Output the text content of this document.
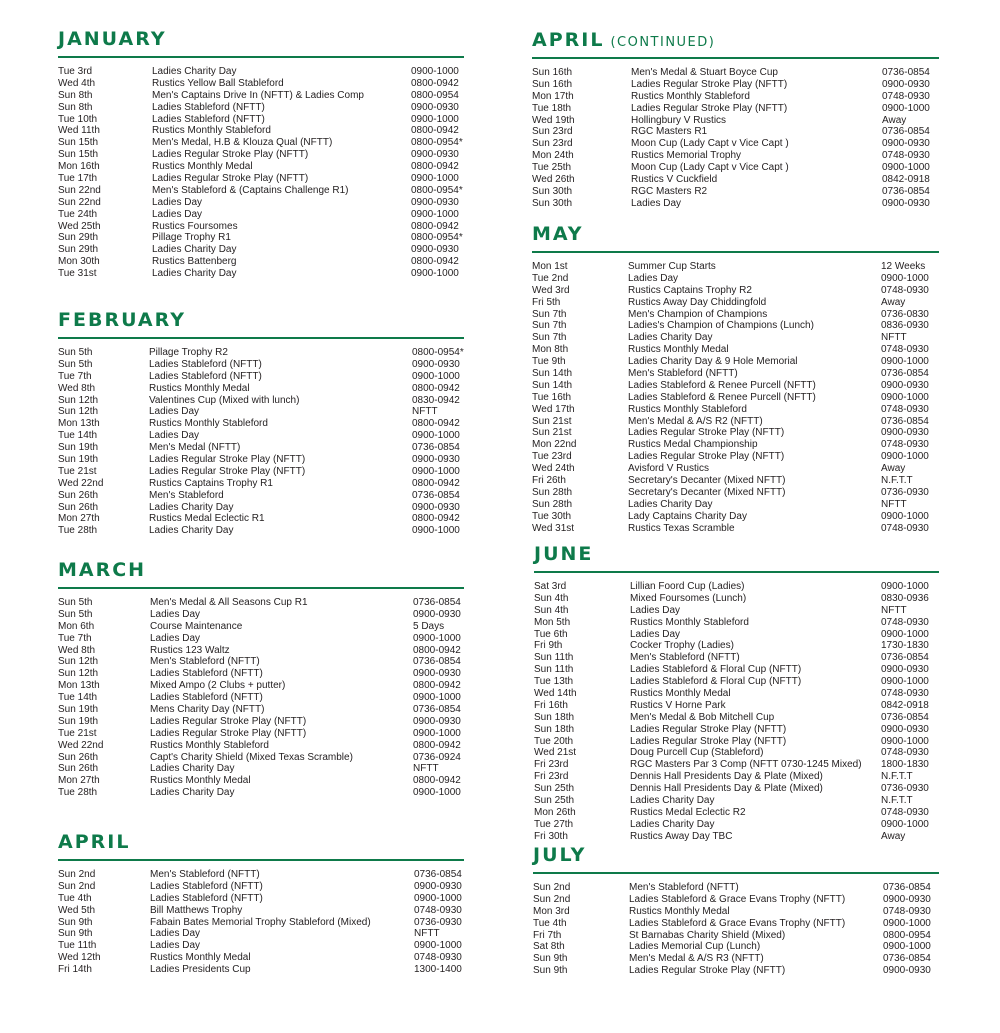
JANUARY
Tue 3rd	Ladies Charity Day	0900-1000
Wed 4th	Rustics Yellow Ball Stableford	0800-0942
Sun 8th	Men's Captains Drive In (NFTT) & Ladies Comp	0800-0954
Sun 8th	Ladies Stableford (NFTT)	0900-0930
Tue 10th	Ladies Stableford (NFTT)	0900-1000
Wed 11th	Rustics Monthly Stableford	0800-0942
Sun 15th	Men's Medal, H.B & Klouza Qual (NFTT)	0800-0954*
Sun 15th	Ladies Regular Stroke Play (NFTT)	0900-0930
Mon 16th	Rustics Monthly Medal	0800-0942
Tue 17th	Ladies Regular Stroke Play (NFTT)	0900-1000
Sun 22nd	Men's Stableford & (Captains Challenge R1)	0800-0954*
Sun 22nd	Ladies Day	0900-0930
Tue 24th	Ladies Day	0900-1000
Wed 25th	Rustics Foursomes	0800-0942
Sun 29th	Pillage Trophy R1	0800-0954*
Sun 29th	Ladies Charity Day	0900-0930
Mon 30th	Rustics Battenberg	0800-0942
Tue 31st	Ladies Charity Day	0900-1000
FEBRUARY
Sun 5th	Pillage Trophy R2	0800-0954*
Sun 5th	Ladies Stableford (NFTT)	0900-0930
Tue 7th	Ladies Stableford (NFTT)	0900-1000
Wed 8th	Rustics Monthly Medal	0800-0942
Sun 12th	Valentines Cup (Mixed with lunch)	0830-0942
Sun 12th	Ladies Day	NFTT
Mon 13th	Rustics Monthly Stableford	0800-0942
Tue 14th	Ladies Day	0900-1000
Sun 19th	Men's Medal (NFTT)	0736-0854
Sun 19th	Ladies Regular Stroke Play (NFTT)	0900-0930
Tue 21st	Ladies Regular Stroke Play (NFTT)	0900-1000
Wed 22nd	Rustics Captains Trophy R1	0800-0942
Sun 26th	Men's Stableford	0736-0854
Sun 26th	Ladies Charity Day	0900-0930
Mon 27th	Rustics Medal Eclectic R1	0800-0942
Tue 28th	Ladies Charity Day	0900-1000
MARCH
Sun 5th	Men's Medal & All Seasons Cup R1	0736-0854
Sun 5th	Ladies Day	0900-0930
Mon 6th	Course Maintenance	5 Days
Tue 7th	Ladies Day	0900-1000
Wed 8th	Rustics 123 Waltz	0800-0942
Sun 12th	Men's Stableford (NFTT)	0736-0854
Sun 12th	Ladies Stableford (NFTT)	0900-0930
Mon 13th	Mixed Ampo (2 Clubs + putter)	0800-0942
Tue 14th	Ladies Stableford (NFTT)	0900-1000
Sun 19th	Mens Charity Day (NFTT)	0736-0854
Sun 19th	Ladies Regular Stroke Play (NFTT)	0900-0930
Tue 21st	Ladies Regular Stroke Play (NFTT)	0900-1000
Wed 22nd	Rustics Monthly Stableford	0800-0942
Sun 26th	Capt's Charity Shield (Mixed Texas Scramble)	0736-0924
Sun 26th	Ladies Charity Day	NFTT
Mon 27th	Rustics Monthly Medal	0800-0942
Tue 28th	Ladies Charity Day	0900-1000
APRIL
Sun 2nd	Men's Stableford (NFTT)	0736-0854
Sun 2nd	Ladies Stableford (NFTT)	0900-0930
Tue 4th	Ladies Stableford (NFTT)	0900-1000
Wed 5th	Bill Matthews Trophy	0748-0930
Sun 9th	Fabain Bates Memorial Trophy Stableford (Mixed)	0736-0930
Sun 9th	Ladies Day	NFTT
Tue 11th	Ladies Day	0900-1000
Wed 12th	Rustics Monthly Medal	0748-0930
Fri 14th	Ladies Presidents Cup	1300-1400
APRIL (CONTINUED)
Sun 16th	Men's Medal & Stuart Boyce Cup	0736-0854
Sun 16th	Ladies Regular Stroke Play (NFTT)	0900-0930
Mon 17th	Rustics Monthly Stableford	0748-0930
Tue 18th	Ladies Regular Stroke Play (NFTT)	0900-1000
Wed 19th	Hollingbury V Rustics	Away
Sun 23rd	RGC Masters R1	0736-0854
Sun 23rd	Moon Cup (Lady Capt v Vice Capt )	0900-0930
Mon 24th	Rustics Memorial Trophy	0748-0930
Tue 25th	Moon Cup (Lady Capt v Vice Capt )	0900-1000
Wed 26th	Rustics V Cuckfield	0842-0918
Sun 30th	RGC Masters R2	0736-0854
Sun 30th	Ladies Day	0900-0930
MAY
Mon 1st	Summer Cup Starts	12 Weeks
Tue 2nd	Ladies Day	0900-1000
Wed 3rd	Rustics Captains Trophy R2	0748-0930
Fri 5th	Rustics Away Day Chiddingfold	Away
Sun 7th	Men's Champion of Champions	0736-0830
Sun 7th	Ladies's Champion of Champions (Lunch)	0836-0930
Sun 7th	Ladies Charity Day	NFTT
Mon 8th	Rustics Monthly Medal	0748-0930
Tue 9th	Ladies Charity Day & 9 Hole Memorial	0900-1000
Sun 14th	Men's Stableford (NFTT)	0736-0854
Sun 14th	Ladies Stableford & Renee Purcell (NFTT)	0900-0930
Tue 16th	Ladies Stableford & Renee Purcell (NFTT)	0900-1000
Wed 17th	Rustics Monthly Stableford	0748-0930
Sun 21st	Men's Medal & A/S R2 (NFTT)	0736-0854
Sun 21st	Ladies Regular Stroke Play (NFTT)	0900-0930
Mon 22nd	Rustics Medal Championship	0748-0930
Tue 23rd	Ladies Regular Stroke Play (NFTT)	0900-1000
Wed 24th	Avisford V Rustics	Away
Fri 26th	Secretary's Decanter (Mixed NFTT)	N.F.T.T
Sun 28th	Secretary's Decanter (Mixed NFTT)	0736-0930
Sun 28th	Ladies Charity Day	NFTT
Tue 30th	Lady Captains Charity Day	0900-1000
Wed 31st	Rustics Texas Scramble	0748-0930
JUNE
Sat 3rd	Lillian Foord Cup (Ladies)	0900-1000
Sun 4th	Mixed Foursomes (Lunch)	0830-0936
Sun 4th	Ladies Day	NFTT
Mon 5th	Rustics Monthly Stableford	0748-0930
Tue 6th	Ladies Day	0900-1000
Fri 9th	Cocker Trophy (Ladies)	1730-1830
Sun 11th	Men's Stableford (NFTT)	0736-0854
Sun 11th	Ladies Stableford & Floral Cup (NFTT)	0900-0930
Tue 13th	Ladies Stableford & Floral Cup (NFTT)	0900-1000
Wed 14th	Rustics Monthly Medal	0748-0930
Fri 16th	Rustics V Horne Park	0842-0918
Sun 18th	Men's Medal & Bob Mitchell Cup	0736-0854
Sun 18th	Ladies Regular Stroke Play (NFTT)	0900-0930
Tue 20th	Ladies Regular Stroke Play (NFTT)	0900-1000
Wed 21st	Doug Purcell Cup (Stableford)	0748-0930
Fri 23rd	RGC Masters Par 3 Comp (NFTT 0730-1245 Mixed) 1800-1830
Fri 23rd	Dennis Hall Presidents Day & Plate (Mixed)	N.F.T.T
Sun 25th	Dennis Hall Presidents Day & Plate (Mixed)	0736-0930
Sun 25th	Ladies Charity Day	N.F.T.T
Mon 26th	Rustics Medal Eclectic R2	0748-0930
Tue 27th	Ladies Charity Day	0900-1000
Fri 30th	Rustics Away Day TBC	Away
JULY
Sun 2nd	Men's Stableford (NFTT)	0736-0854
Sun 2nd	Ladies Stableford & Grace Evans Trophy (NFTT)	0900-0930
Mon 3rd	Rustics Monthly Medal	0748-0930
Tue 4th	Ladies Stableford & Grace Evans Trophy (NFTT)	0900-1000
Fri 7th	St Barnabas Charity Shield (Mixed)	0800-0954
Sat 8th	Ladies Memorial Cup (Lunch)	0900-1000
Sun 9th	Men's Medal & A/S R3 (NFTT)	0736-0854
Sun 9th	Ladies Regular Stroke Play (NFTT)	0900-0930
